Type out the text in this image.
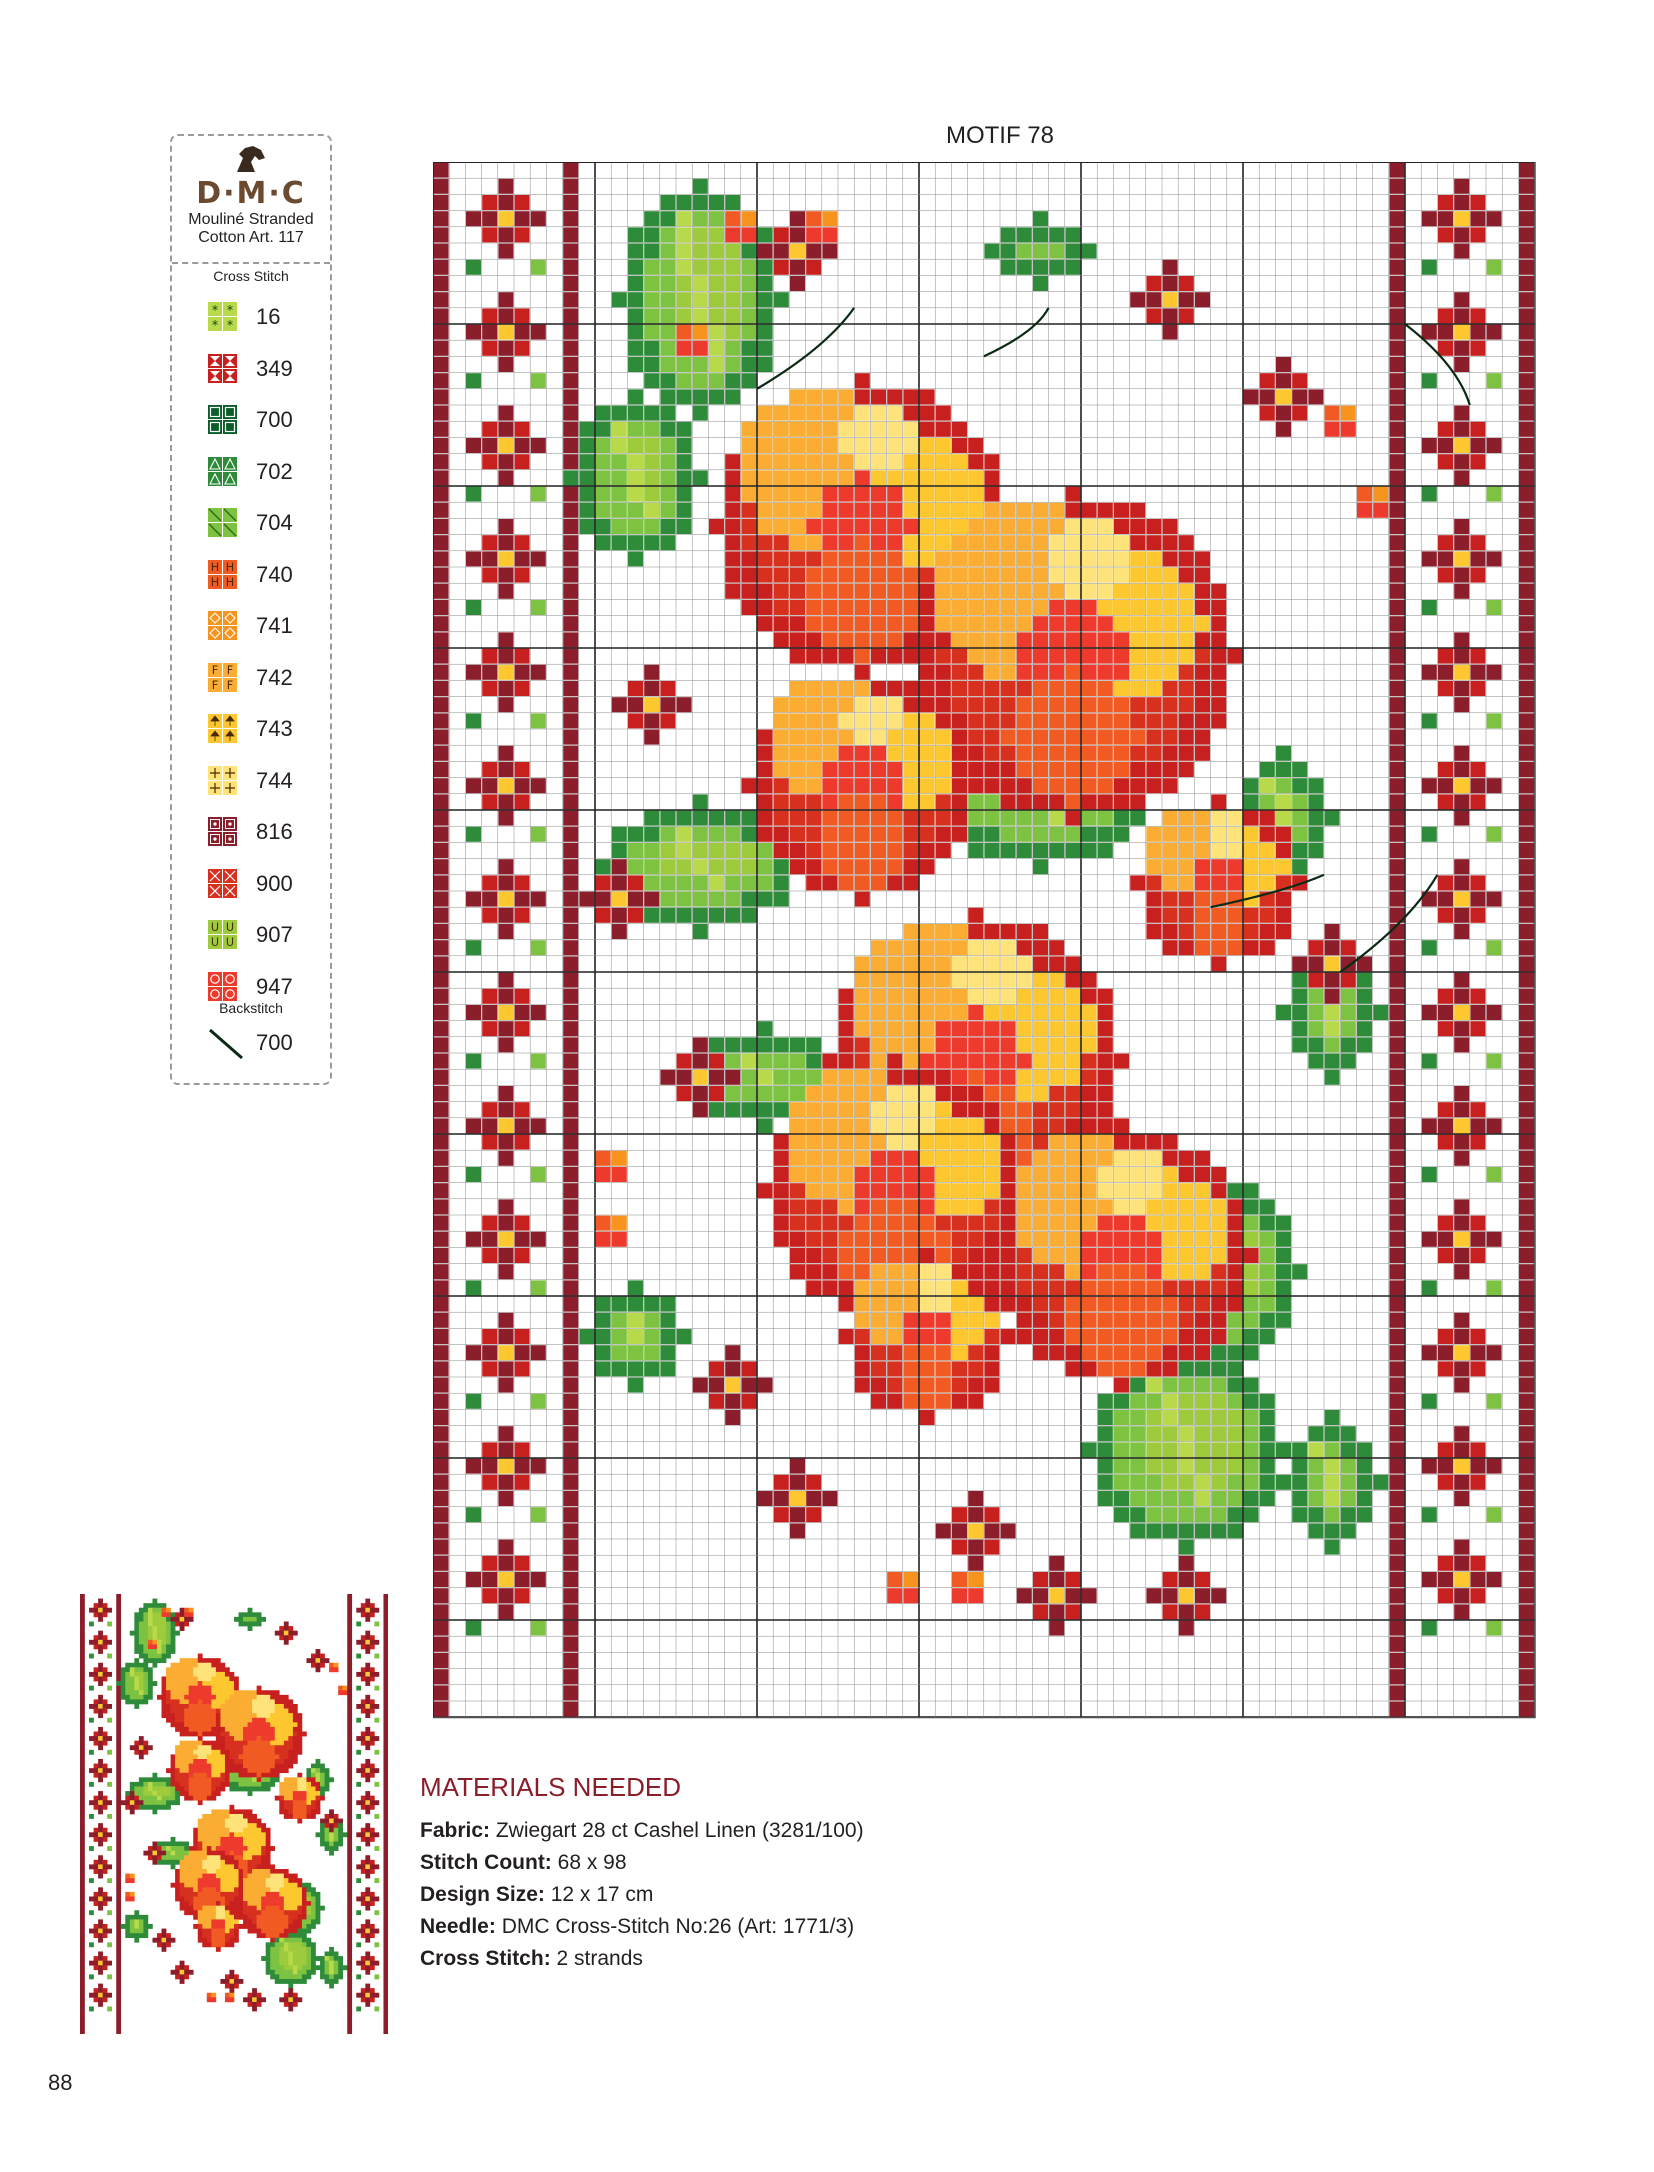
D·M·C
Mouliné Stranded
Cotton Art. 117
Cross Stitch
*
*
*
* 16
349
700
702
704
H
H
H
H 740
741
F
F
F
F 742
743
744
816
900
U
U
U
U 907
947
Backstitch
700
MOTIF 78
MATERIALS NEEDED
Fabric: Zwiegart 28 ct Cashel Linen (3281/100)
Stitch Count: 68 x 98
Design Size: 12 x 17 cm
Needle: DMC Cross-Stitch No:26 (Art: 1771/3)
Cross Stitch: 2 strands
88
